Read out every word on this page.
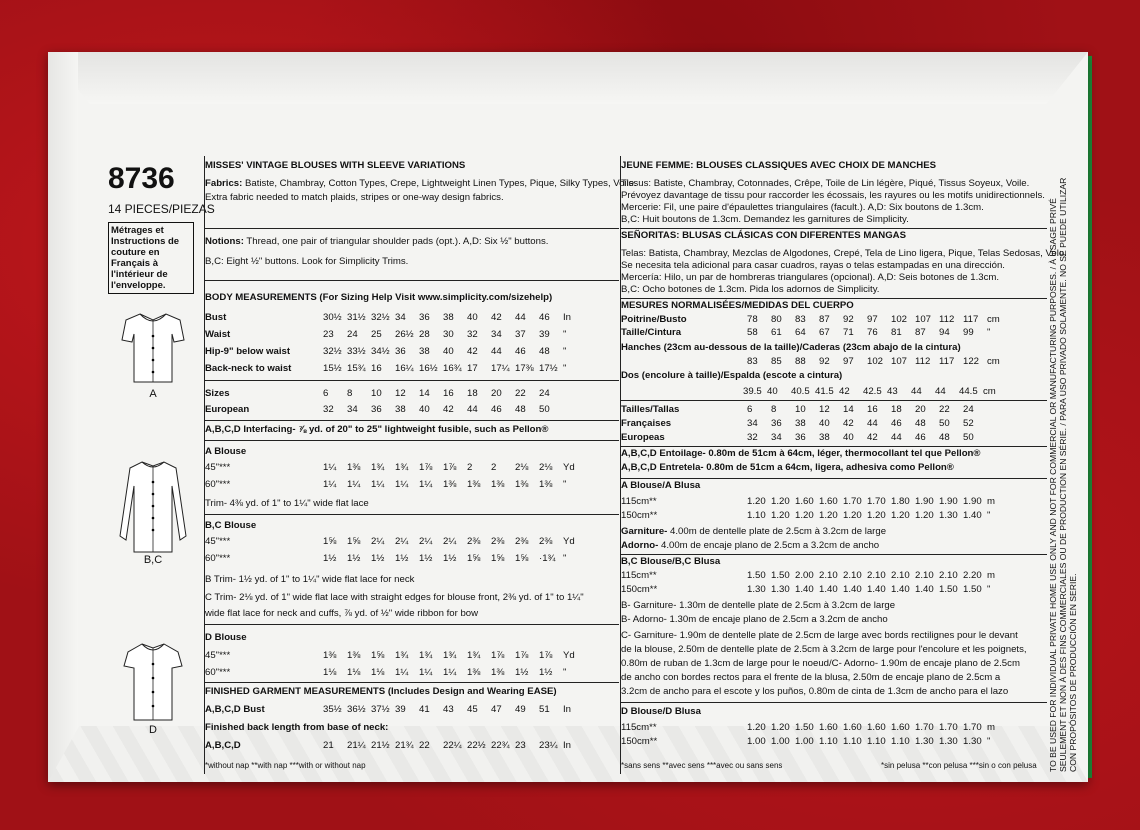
8736
14 PIECES/PIEZAS
Métrages et Instructions de couture en Français à l'intérieur de l'enveloppe.
A
B,C
D
MISSES' VINTAGE BLOUSES WITH SLEEVE VARIATIONS
Fabrics: Batiste, Chambray, Cotton Types, Crepe, Lightweight Linen Types, Pique, Silky Types, Voile.
Extra fabric needed to match plaids, stripes or one-way design fabrics.
Notions: Thread, one pair of triangular shoulder pads (opt.). A,D: Six ½" buttons.
B,C: Eight ½" buttons. Look for Simplicity Trims.
BODY MEASUREMENTS (For Sizing Help Visit www.simplicity.com/sizehelp)
Bust	30½ 31½ 32½ 34 36 38 40 42 44 46 In
Waist	23 24 25 26½ 28 30 32 34 37 39 "
Hip-9" below waist	32½ 33½ 34½ 36 38 40 42 44 46 48 "
Back-neck to waist	15½ 15¾ 16 16¼ 16½ 16¾ 17 17¼ 17⅜ 17½ "
Sizes	6 8 10 12 14 16 18 20 22 24
European	32 34 36 38 40 42 44 46 48 50
A,B,C,D Interfacing- ⅞ yd. of 20" to 25" lightweight fusible, such as Pellon®
A Blouse
45"***	1¼ 1⅜ 1¾ 1¾ 1⅞ 1⅞ 2 2 2⅛ 2⅛ Yd
60"***	1¼ 1¼ 1¼ 1¼ 1¼ 1⅜ 1⅜ 1⅜ 1⅜ 1⅜ "
Trim- 4⅜ yd. of 1" to 1¼" wide flat lace
B,C Blouse
45"***	1⅝ 1⅝ 2¼ 2¼ 2¼ 2¼ 2⅜ 2⅜ 2⅜ 2⅜ Yd
60"***	1½ 1½ 1½ 1½ 1½ 1½ 1⅝ 1⅝ 1⅝ ·1¾ "
B Trim- 1½ yd. of 1" to 1¼" wide flat lace for neck
C Trim- 2⅛ yd. of 1" wide flat lace with straight edges for blouse front, 2⅜ yd. of 1" to 1¼"
wide flat lace for neck and cuffs, ⅞ yd. of ½" wide ribbon for bow
D Blouse
45"***	1⅜ 1⅜ 1⅝ 1¾ 1¾ 1¾ 1¾ 1⅞ 1⅞ 1⅞ Yd
60"***	1⅛ 1⅛ 1⅛ 1¼ 1¼ 1¼ 1⅜ 1⅜ 1½ 1½ "
FINISHED GARMENT MEASUREMENTS (Includes Design and Wearing EASE)
A,B,C,D Bust	35½ 36½ 37½ 39 41 43 45 47 49 51 In
Finished back length from base of neck:
A,B,C,D	21 21¼ 21½ 21¾ 22 22¼ 22½ 22¾ 23 23¼ In
*without nap **with nap ***with or without nap
JEUNE FEMME: BLOUSES CLASSIQUES AVEC CHOIX DE MANCHES
Tissus: Batiste, Chambray, Cotonnades, Crêpe, Toile de Lin légère, Piqué, Tissus Soyeux, Voile.
Prévoyez davantage de tissu pour raccorder les écossais, les rayures ou les motifs unidirectionnels.
Mercerie: Fil, une paire d'épaulettes triangulaires (facult.). A,D: Six boutons de 1.3cm.
B,C: Huit boutons de 1.3cm. Demandez les garnitures de Simplicity.
SEÑORITAS: BLUSAS CLÁSICAS CON DIFERENTES MANGAS
Telas: Batista, Chambray, Mezclas de Algodones, Crepé, Tela de Lino ligera, Pique, Telas Sedosas, Velo.
Se necesita tela adicional para casar cuadros, rayas o telas estampadas en una dirección.
Mercería: Hilo, un par de hombreras triangulares (opcional). A,D: Seis botones de 1.3cm.
B,C: Ocho botones de 1.3cm. Pida los adornos de Simplicity.
MESURES NORMALISÉES/MEDIDAS DEL CUERPO
Poitrine/Busto	78 80 83 87 92 97 102 107 112 117 cm
Taille/Cintura	58 61 64 67 71 76 81 87 94 99 "
Hanches (23cm au-dessous de la taille)/Caderas (23cm abajo de la cintura)
83 85 88 92 97 102 107 112 117 122 cm
Dos (encolure à taille)/Espalda (escote a cintura)
39.5 40 40.5 41.5 42 42.5 43 44 44 44.5 cm
Tailles/Tallas	6 8 10 12 14 16 18 20 22 24
Françaises	34 36 38 40 42 44 46 48 50 52
Europeas	32 34 36 38 40 42 44 46 48 50
A,B,C,D Entoilage- 0.80m de 51cm à 64cm, léger, thermocollant tel que Pellon®
A,B,C,D Entretela- 0.80m de 51cm a 64cm, ligera, adhesiva como Pellon®
A Blouse/A Blusa
115cm**	1.20 1.20 1.60 1.60 1.70 1.70 1.80 1.90 1.90 1.90 m
150cm**	1.10 1.20 1.20 1.20 1.20 1.20 1.20 1.20 1.30 1.40 "
Garniture- 4.00m de dentelle plate de 2.5cm à 3.2cm de large
Adorno- 4.00m de encaje plano de 2.5cm a 3.2cm de ancho
B,C Blouse/B,C Blusa
115cm**	1.50 1.50 2.00 2.10 2.10 2.10 2.10 2.10 2.10 2.20 m
150cm**	1.30 1.30 1.40 1.40 1.40 1.40 1.40 1.40 1.50 1.50 "
B- Garniture- 1.30m de dentelle plate de 2.5cm à 3.2cm de large
B- Adorno- 1.30m de encaje plano de 2.5cm a 3.2cm de ancho
C- Garniture- 1.90m de dentelle plate de 2.5cm de large avec bords rectilignes pour le devant
de la blouse, 2.50m de dentelle plate de 2.5cm à 3.2cm de large pour l'encolure et les poignets,
0.80m de ruban de 1.3cm de large pour le noeud/C- Adorno- 1.90m de encaje plano de 2.5cm
de ancho con bordes rectos para el frente de la blusa, 2.50m de encaje plano de 2.5cm a
3.2cm de ancho para el escote y los puños, 0.80m de cinta de 1.3cm de ancho para el lazo
D Blouse/D Blusa
115cm**	1.20 1.20 1.50 1.60 1.60 1.60 1.60 1.70 1.70 1.70 m
150cm**	1.00 1.00 1.00 1.10 1.10 1.10 1.10 1.30 1.30 1.30 "
*sans sens **avec sens ***avec ou sans sens	*sin pelusa **con pelusa ***sin o con pelusa TO BE USED FOR INDIVIDUAL PRIVATE HOME USE ONLY AND NOT FOR COMMERCIAL OR MANUFACTURING PURPOSES. / À USAGE PRIVÉ SEULEMENT ET NON À DES FINS COMMERCIALES OU DE PRODUCTION EN SÉRIE. / PARA USO PRIVADO SOLAMENTE. NO SE PUEDE UTILIZAR CON PROPÓSITOS DE PRODUCCIÓN EN SERIE.
